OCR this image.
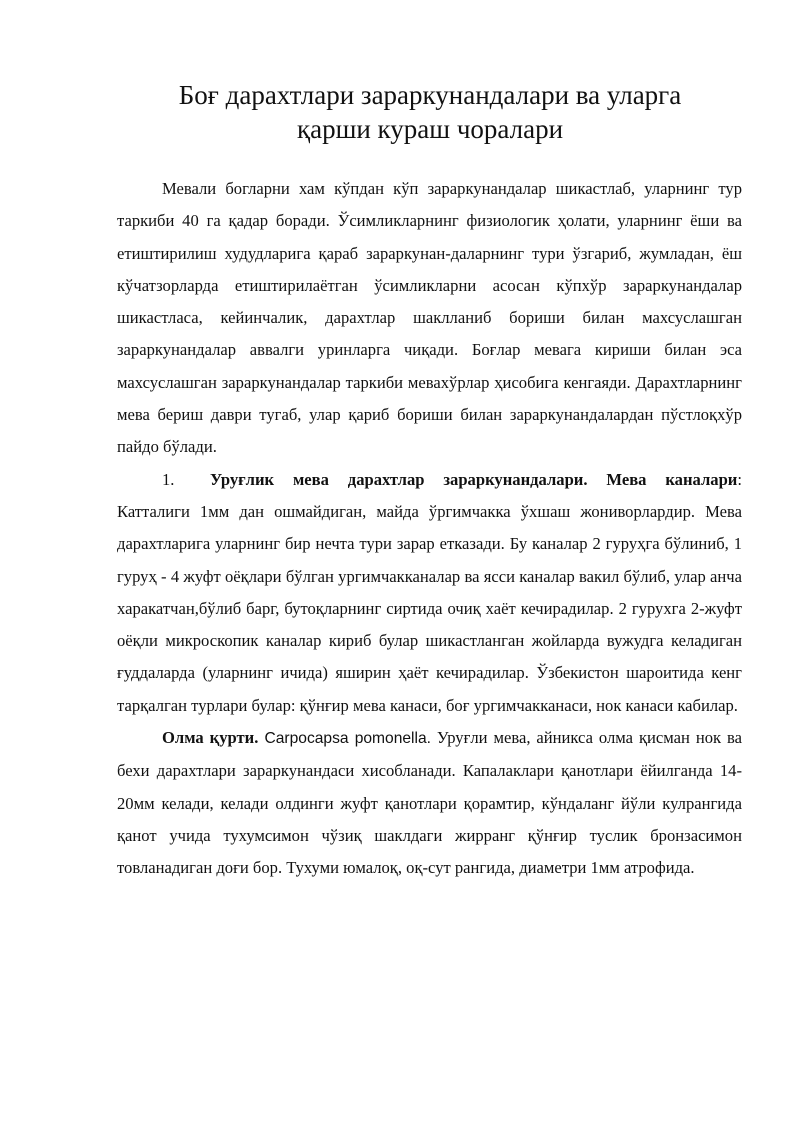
Боғ дарахтлари зараркунандалари ва уларга
қарши кураш чоралари

Мевали богларни хам кўпдан кўп зараркунандалар шикастлаб, уларнинг тур таркиби 40 га қадар боради. Ўсимликларнинг физиологик ҳолати, уларнинг ёши ва етиштирилиш худудларига қараб зараркунан-даларнинг тури ўзгариб, жумладан, ёш кўчатзорларда етиштирилаётган ўсимликларни асосан кўпхўр зараркунандалар шикастласа, кейинчалик, дарахтлар шаклланиб бориши билан махсуслашган зараркунандалар аввалги уринларга чиқади. Боғлар мевага кириши билан эса махсуслашган зараркунандалар таркиби мевахўрлар ҳисобига кенгаяди. Дарахтларнинг мева бериш даври тугаб, улар қариб бориши билан зараркунандалардан пўстлоқхўр пайдо бўлади.

1. Уруғлик мева дарахтлар зараркунандалари. Мева каналари: Катталиги 1мм дан ошмайдиган, майда ўргимчакка ўхшаш жониворлардир. Мева дарахтларига уларнинг бир нечта тури зарар етказади. Бу каналар 2 гуруҳга бўлиниб, 1 гуруҳ - 4 жуфт оёқлари бўлган ургимчакканалар ва ясси каналар вакил бўлиб, улар анча харакатчан,бўлиб барг, бутоқларнинг сиртида очиқ хаёт кечирадилар. 2 гурухга 2-жуфт оёқли микроскопик каналар кириб булар шикастланган жойларда вужудга келадиган ғуддаларда (уларнинг ичида) яширин ҳаёт кечирадилар. Ўзбекистон шароитида кенг тарқалган турлари булар: қўнғир мева канаси, боғ ургимчакканаси, нок канаси кабилар.

Олма қурти. Carpocapsa pomonella. Уруғли мева, айникса олма қисман нок ва бехи дарахтлари зараркунандаси хисобланади. Капалаклари қанотлари ёйилганда 14-20мм келади, келади олдинги жуфт қанотлари қорамтир, кўндаланг йўли кулрангида қанот учида тухумсимон чўзиқ шаклдаги жирранг қўнғир туслик бронзасимон товланадиган доғи бор. Тухуми юмалоқ, оқ-сут рангида, диаметри 1мм атрофида.
